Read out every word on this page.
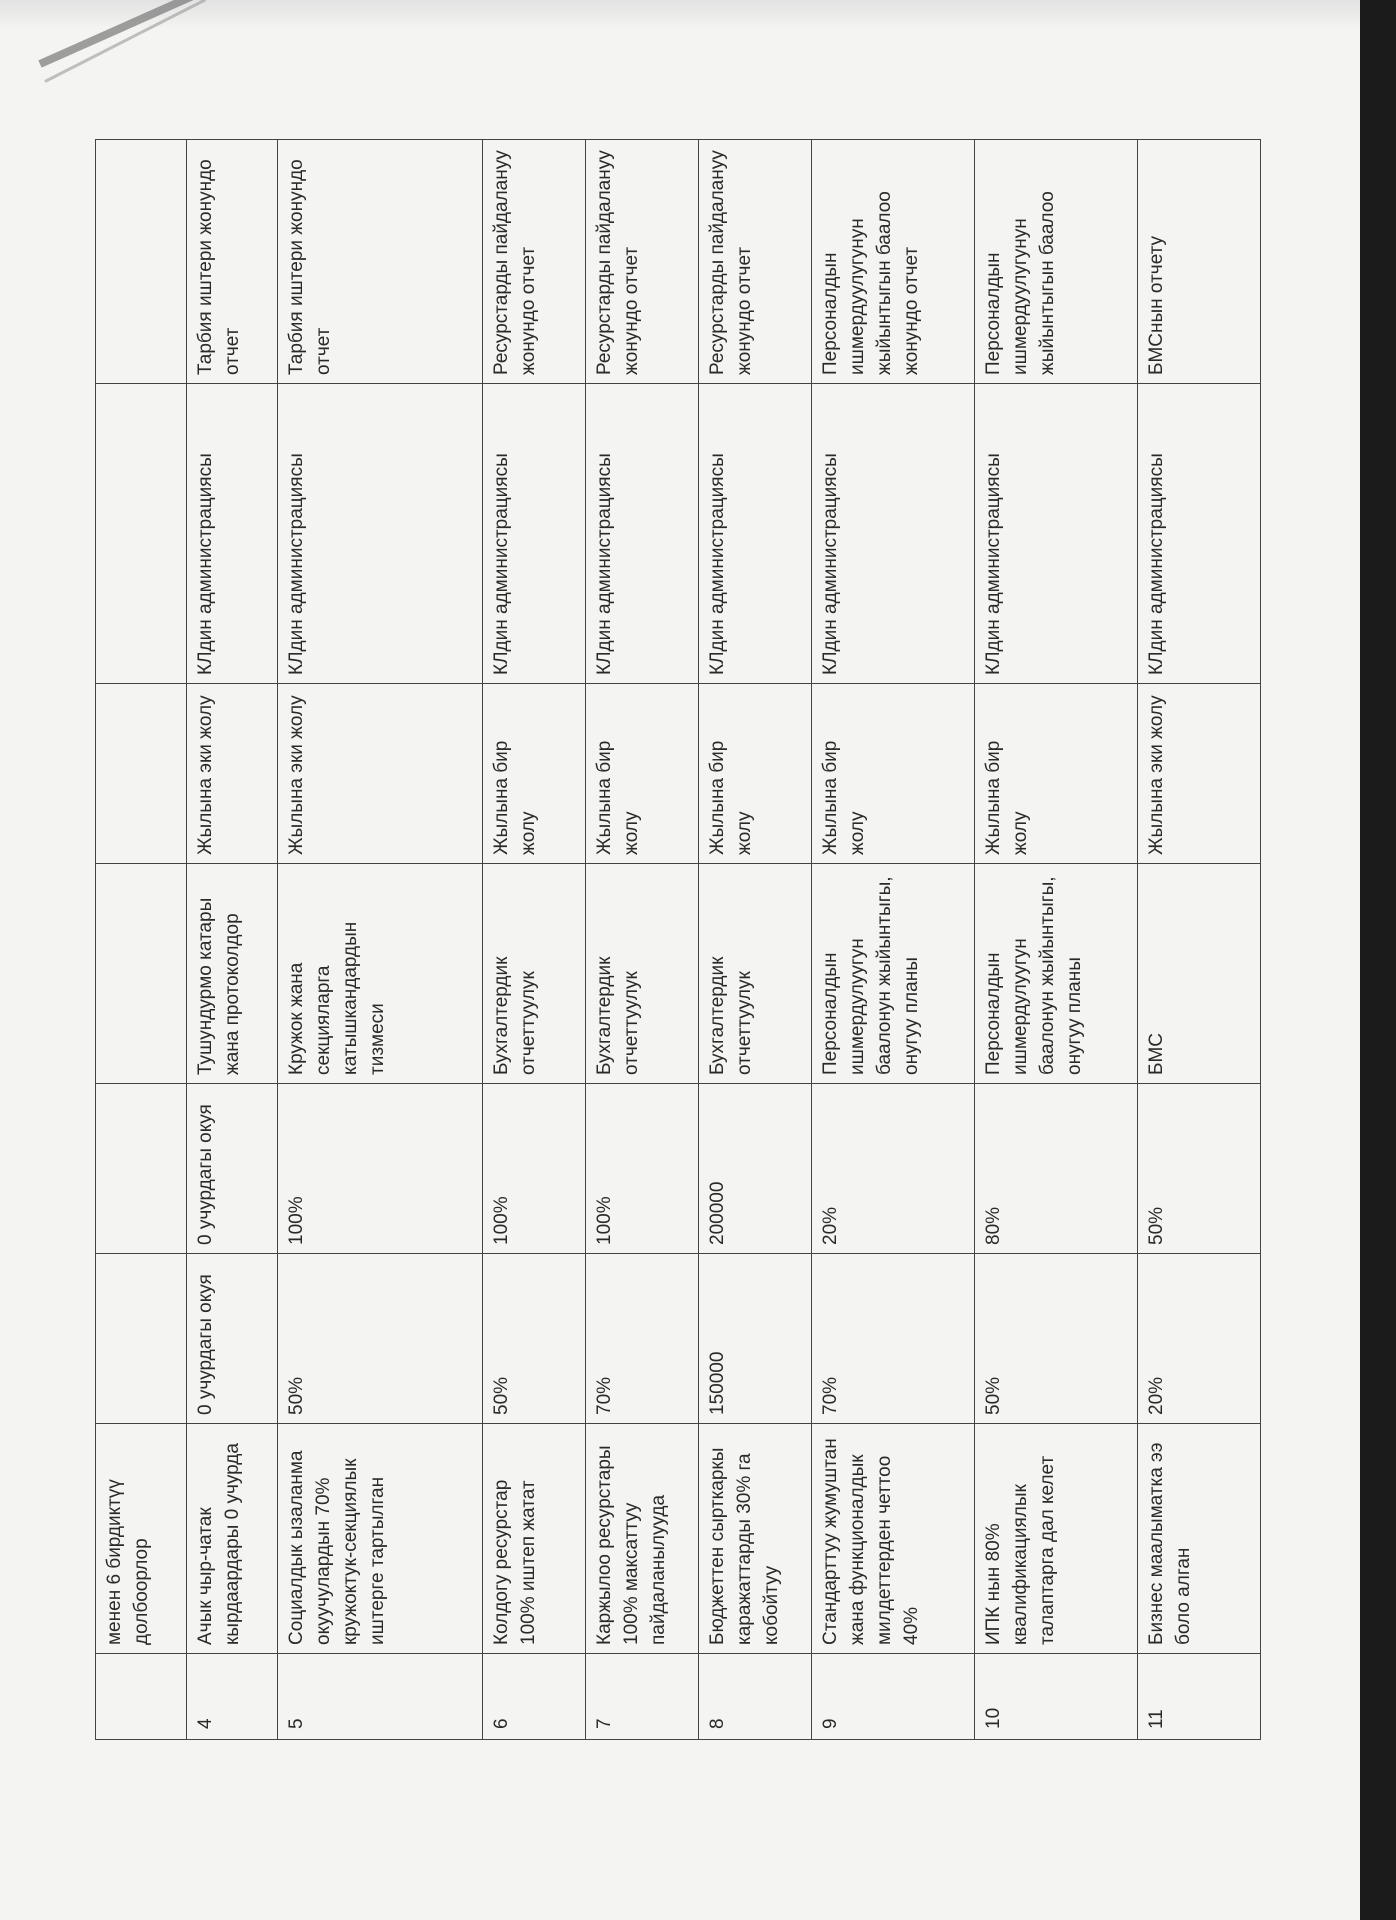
	менен 6 бирдиктүү долбоорлор						
4	Ачык чыр-чатак кырдаардары 0 учурда	0 учурдагы окуя	0 учурдагы окуя	Тушундурмо катары жана протоколдор	Жылына эки жолу	КЛдин администрациясы	Тарбия иштери жонундо отчет
5	Социалдык ызаланма окуучулардын 70% кружоктук-секциялык иштерге тартылган	50%	100%	Кружок жана секцияларга катышкандардын тизмеси	Жылына эки жолу	КЛдин администрациясы	Тарбия иштери жонундо отчет
6	Колдогу ресурстар 100% иштеп жатат	50%	100%	Бухгалтердик отчеттуулук	Жылына бир жолу	КЛдин администрациясы	Ресурстарды пайдалануу жонундо отчет
7	Каржылоо ресурстары 100% максаттуу пайдаланылууда	70%	100%	Бухгалтердик отчеттуулук	Жылына бир жолу	КЛдин администрациясы	Ресурстарды пайдалануу жонундо отчет
8	Бюджеттен сырткаркы каражаттарды 30% га кобойтуу	150000	200000	Бухгалтердик отчеттуулук	Жылына бир жолу	КЛдин администрациясы	Ресурстарды пайдалануу жонундо отчет
9	Стандарттуу жумуштан жана функционалдык милдеттерден четтоо 40%	70%	20%	Персоналдын ишмердулуугун баалонун жыйынтыгы, онугуу планы	Жылына бир жолу	КЛдин администрациясы	Персоналдын ишмердуулугунун жыйынтыгын баалоо жонундо отчет
10	ИПК нын 80% квалификациялык талаптарга дал келет	50%	80%	Персоналдын ишмердулуугун баалонун жыйынтыгы, онугуу планы	Жылына бир жолу	КЛдин администрациясы	Персоналдын ишмердуулугунун жыйынтыгын баалоо
11	Бизнес маалыматка ээ боло алган	20%	50%	БМС	Жылына эки жолу	КЛдин администрациясы	БМСнын отчету
